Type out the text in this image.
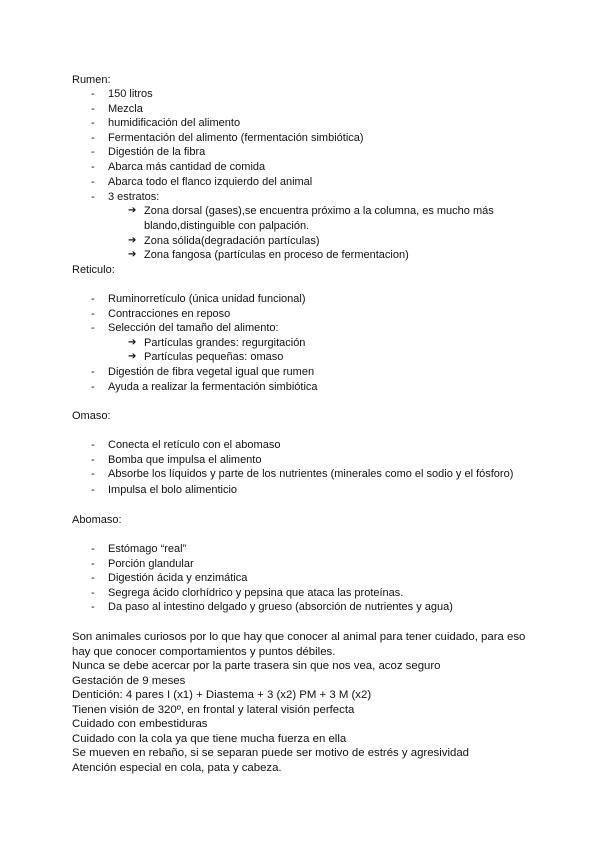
Rumen:
- 150 litros
- Mezcla
- humidificación del alimento
- Fermentación del alimento (fermentación simbiótica)
- Digestión de la fibra
- Abarca más cantidad de comida
- Abarca todo el flanco izquierdo del animal
- 3 estratos:
➔ Zona dorsal (gases),se encuentra próximo a la columna, es mucho más
blando,distinguible con palpación.
➔ Zona sólida(degradación partículas)
➔ Zona fangosa (partículas en proceso de fermentacion)
Reticulo:
- Ruminorretículo (única unidad funcional)
- Contracciones en reposo
- Selección del tamaño del alimento:
➔ Partículas grandes: regurgitación
➔ Partículas pequeñas: omaso
- Digestión de fibra vegetal igual que rumen
- Ayuda a realizar la fermentación simbiótica
Omaso:
- Conecta el retículo con el abomaso
- Bomba que impulsa el alimento
- Absorbe los líquidos y parte de los nutrientes (minerales como el sodio y el fósforo)
- Impulsa el bolo alimenticio
Abomaso:
- Estómago “real”
- Porción glandular
- Digestión ácida y enzimática
- Segrega ácido clorhídrico y pepsina que ataca las proteínas.
- Da paso al intestino delgado y grueso (absorción de nutrientes y agua)
Son animales curiosos por lo que hay que conocer al animal para tener cuidado, para eso
hay que conocer comportamientos y puntos débiles.
Nunca se debe acercar por la parte trasera sin que nos vea, acoz seguro
Gestación de 9 meses
Dentición: 4 pares I (x1) + Diastema + 3 (x2) PM + 3 M (x2)
Tienen visión de 320º, en frontal y lateral visión perfecta
Cuidado con embestiduras
Cuidado con la cola ya que tiene mucha fuerza en ella
Se mueven en rebaño, si se separan puede ser motivo de estrés y agresividad
Atención especial en cola, pata y cabeza.
